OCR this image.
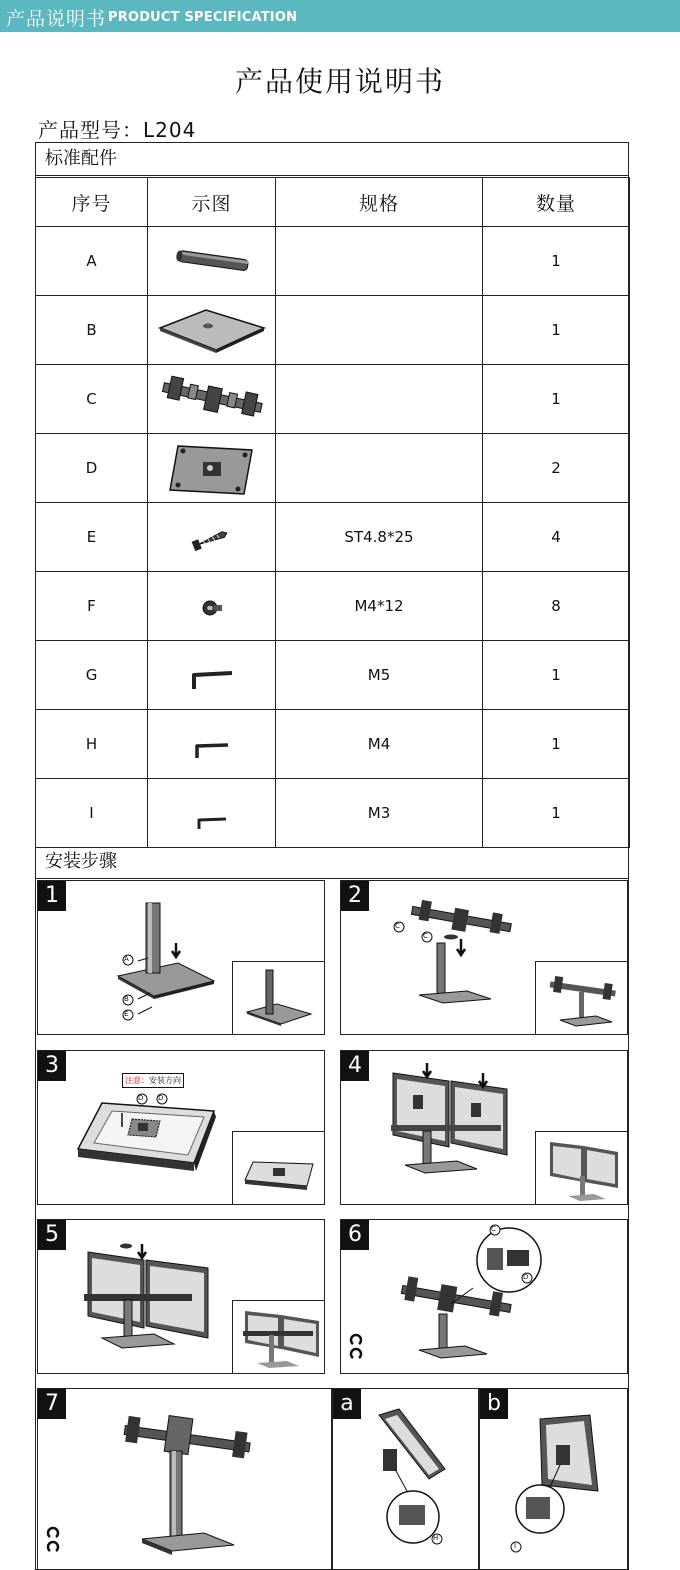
产品说明书 PRODUCT SPECIFICATION
产品使用说明书
产品型号：L204
标准配件
序号	示图	规格	数量
A			1
B			1
C			1
D			2
E		ST4.8*25	4
F		M4*12	8
G		M5	1
H		M4	1
I		M3	1
安装步骤
1
A
B
E
2
C
C
3
注意：安装方向
D D
4
5	6	C
D
7	a
H
b
I
